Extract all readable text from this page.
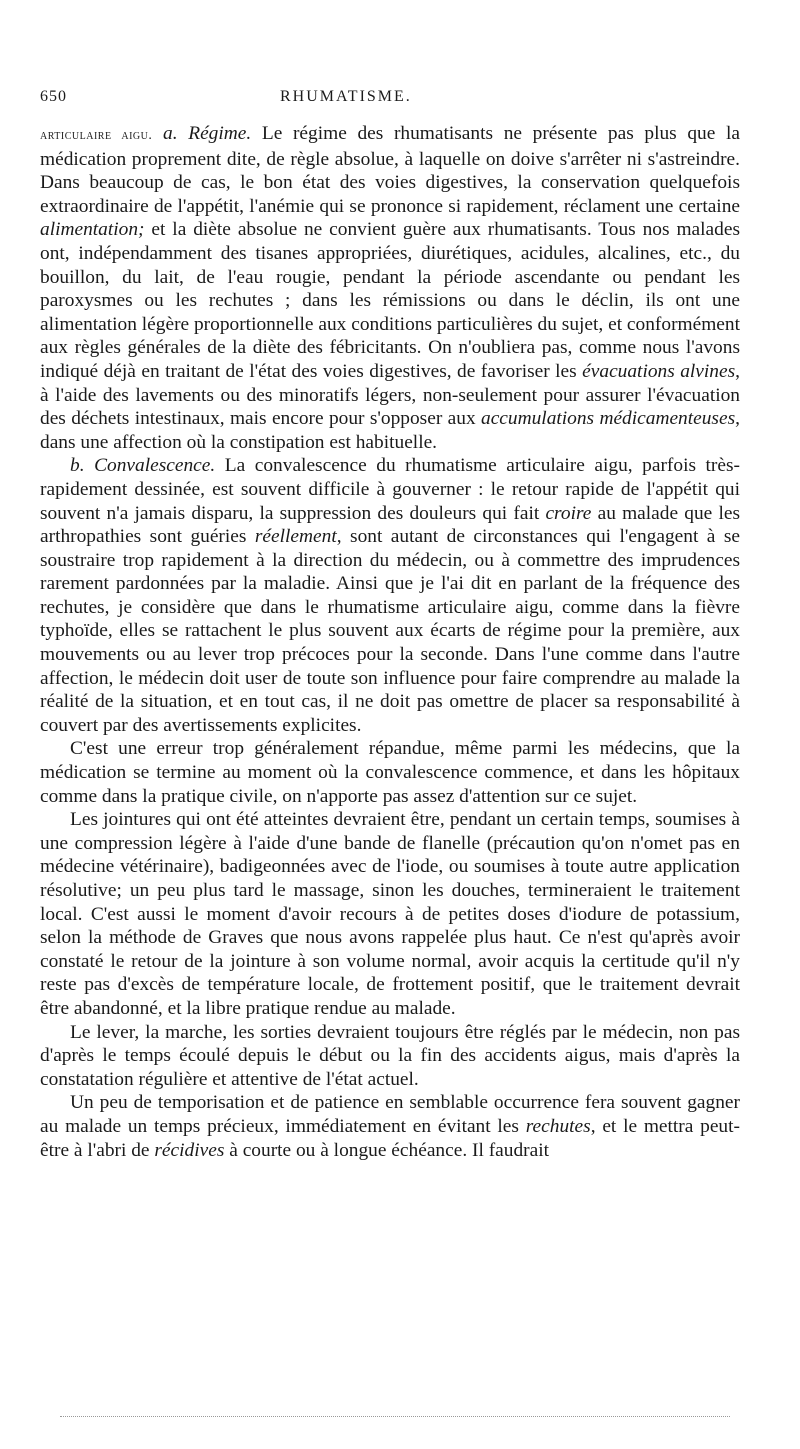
650	RHUMATISME.

articulaire aigu. a. Régime. Le régime des rhumatisants ne présente pas plus que la médication proprement dite, de règle absolue, à laquelle on doive s'arrêter ni s'astreindre. Dans beaucoup de cas, le bon état des voies digestives, la conservation quelquefois extraordinaire de l'appétit, l'anémie qui se prononce si rapidement, réclament une certaine alimentation; et la diète absolue ne convient guère aux rhumatisants. Tous nos malades ont, indépendamment des tisanes appropriées, diurétiques, acidules, alcalines, etc., du bouillon, du lait, de l'eau rougie, pendant la période ascendante ou pendant les paroxysmes ou les rechutes ; dans les rémissions ou dans le déclin, ils ont une alimentation légère proportionnelle aux conditions particulières du sujet, et conformément aux règles générales de la diète des fébricitants. On n'oubliera pas, comme nous l'avons indiqué déjà en traitant de l'état des voies digestives, de favoriser les évacuations alvines, à l'aide des lavements ou des minoratifs légers, non-seulement pour assurer l'évacuation des déchets intestinaux, mais encore pour s'opposer aux accumulations médicamenteuses, dans une affection où la constipation est habituelle.

b. Convalescence. La convalescence du rhumatisme articulaire aigu, parfois très-rapidement dessinée, est souvent difficile à gouverner : le retour rapide de l'appétit qui souvent n'a jamais disparu, la suppression des douleurs qui fait croire au malade que les arthropathies sont guéries réellement, sont autant de circonstances qui l'engagent à se soustraire trop rapidement à la direction du médecin, ou à commettre des imprudences rarement pardonnées par la maladie. Ainsi que je l'ai dit en parlant de la fréquence des rechutes, je considère que dans le rhumatisme articulaire aigu, comme dans la fièvre typhoïde, elles se rattachent le plus souvent aux écarts de régime pour la première, aux mouvements ou au lever trop précoces pour la seconde. Dans l'une comme dans l'autre affection, le médecin doit user de toute son influence pour faire comprendre au malade la réalité de la situation, et en tout cas, il ne doit pas omettre de placer sa responsabilité à couvert par des avertissements explicites.

C'est une erreur trop généralement répandue, même parmi les médecins, que la médication se termine au moment où la convalescence commence, et dans les hôpitaux comme dans la pratique civile, on n'apporte pas assez d'attention sur ce sujet.

Les jointures qui ont été atteintes devraient être, pendant un certain temps, soumises à une compression légère à l'aide d'une bande de flanelle (précaution qu'on n'omet pas en médecine vétérinaire), badigeonnées avec de l'iode, ou soumises à toute autre application résolutive; un peu plus tard le massage, sinon les douches, termineraient le traitement local. C'est aussi le moment d'avoir recours à de petites doses d'iodure de potassium, selon la méthode de Graves que nous avons rappelée plus haut. Ce n'est qu'après avoir constaté le retour de la jointure à son volume normal, avoir acquis la certitude qu'il n'y reste pas d'excès de température locale, de frottement positif, que le traitement devrait être abandonné, et la libre pratique rendue au malade.

Le lever, la marche, les sorties devraient toujours être réglés par le médecin, non pas d'après le temps écoulé depuis le début ou la fin des accidents aigus, mais d'après la constatation régulière et attentive de l'état actuel.

Un peu de temporisation et de patience en semblable occurrence fera souvent gagner au malade un temps précieux, immédiatement en évitant les rechutes, et le mettra peut-être à l'abri de récidives à courte ou à longue échéance. Il faudrait
